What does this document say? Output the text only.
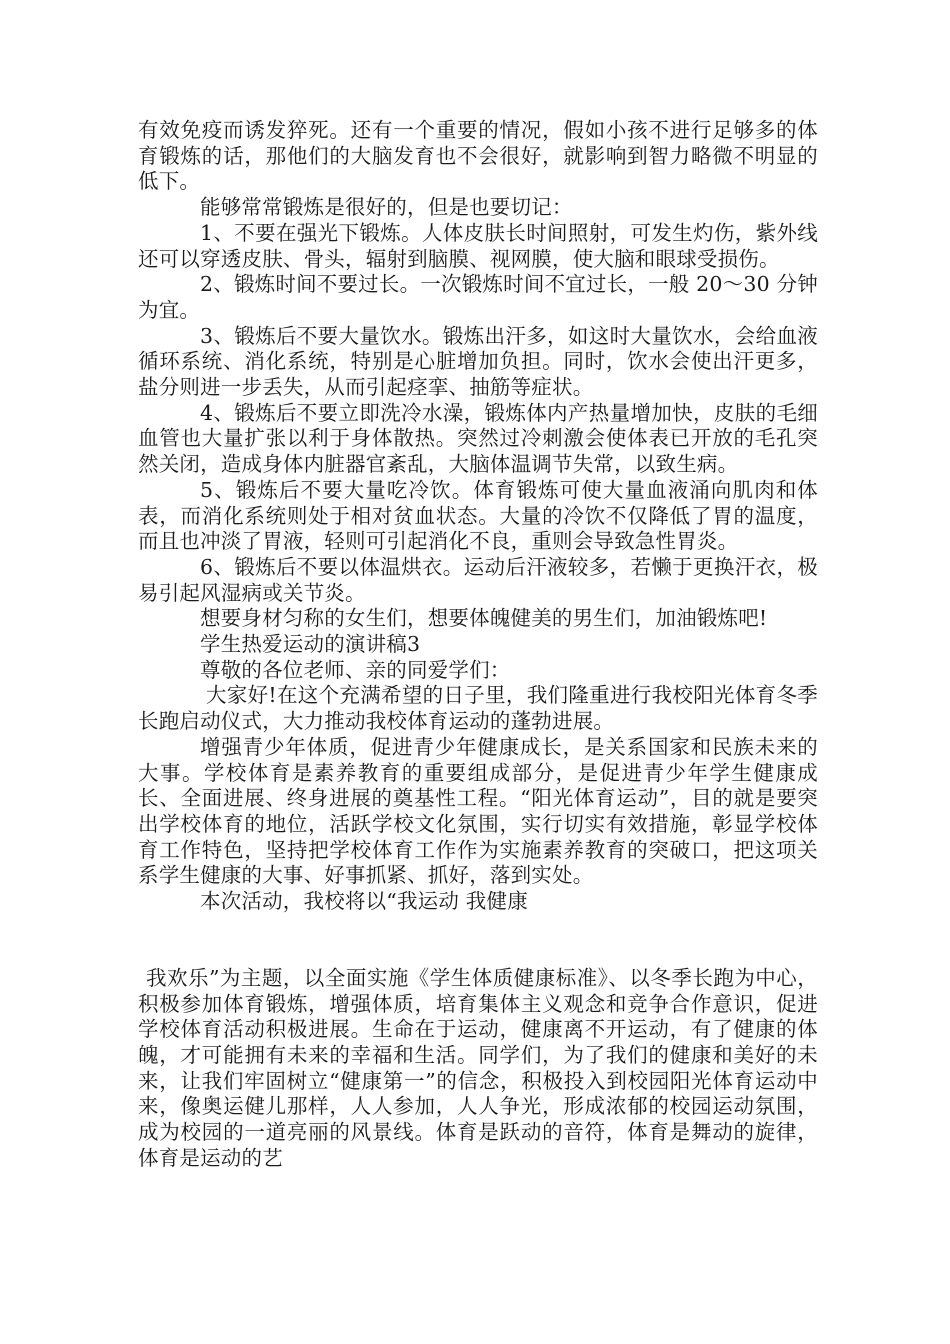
有效免疫而诱发猝死。还有一个重要的情况，假如小孩不进行足够多的体育锻炼的话，那他们的大脑发育也不会很好，就影响到智力略微不明显的低下。

能够常常锻炼是很好的，但是也要切记：

1、不要在强光下锻炼。人体皮肤长时间照射，可发生灼伤，紫外线还可以穿透皮肤、骨头，辐射到脑膜、视网膜，使大脑和眼球受损伤。

2、锻炼时间不要过长。一次锻炼时间不宜过长，一般 20～30 分钟为宜。

3、锻炼后不要大量饮水。锻炼出汗多，如这时大量饮水，会给血液循环系统、消化系统，特别是心脏增加负担。同时，饮水会使出汗更多，盐分则进一步丢失，从而引起痉挛、抽筋等症状。

4、锻炼后不要立即洗冷水澡，锻炼体内产热量增加快，皮肤的毛细血管也大量扩张以利于身体散热。突然过冷刺激会使体表已开放的毛孔突然关闭，造成身体内脏器官紊乱，大脑体温调节失常，以致生病。

5、锻炼后不要大量吃冷饮。体育锻炼可使大量血液涌向肌肉和体表，而消化系统则处于相对贫血状态。大量的冷饮不仅降低了胃的温度，而且也冲淡了胃液，轻则可引起消化不良，重则会导致急性胃炎。

6、锻炼后不要以体温烘衣。运动后汗液较多，若懒于更换汗衣，极易引起风湿病或关节炎。

想要身材匀称的女生们，想要体魄健美的男生们，加油锻炼吧!

学生热爱运动的演讲稿3

尊敬的各位老师、亲的同爱学们：

大家好!在这个充满希望的日子里，我们隆重进行我校阳光体育冬季长跑启动仪式，大力推动我校体育运动的蓬勃进展。

增强青少年体质，促进青少年健康成长，是关系国家和民族未来的大事。学校体育是素养教育的重要组成部分，是促进青少年学生健康成长、全面进展、终身进展的奠基性工程。“阳光体育运动”，目的就是要突出学校体育的地位，活跃学校文化氛围，实行切实有效措施，彰显学校体育工作特色，坚持把学校体育工作作为实施素养教育的突破口，把这项关系学生健康的大事、好事抓紧、抓好，落到实处。

本次活动，我校将以“我运动 我健康

我欢乐”为主题，以全面实施《学生体质健康标准》、以冬季长跑为中心，积极参加体育锻炼，增强体质，培育集体主义观念和竞争合作意识，促进学校体育活动积极进展。生命在于运动，健康离不开运动，有了健康的体魄，才可能拥有未来的幸福和生活。同学们，为了我们的健康和美好的未来，让我们牢固树立“健康第一”的信念，积极投入到校园阳光体育运动中来，像奥运健儿那样，人人参加，人人争光，形成浓郁的校园运动氛围，成为校园的一道亮丽的风景线。体育是跃动的音符，体育是舞动的旋律，体育是运动的艺
